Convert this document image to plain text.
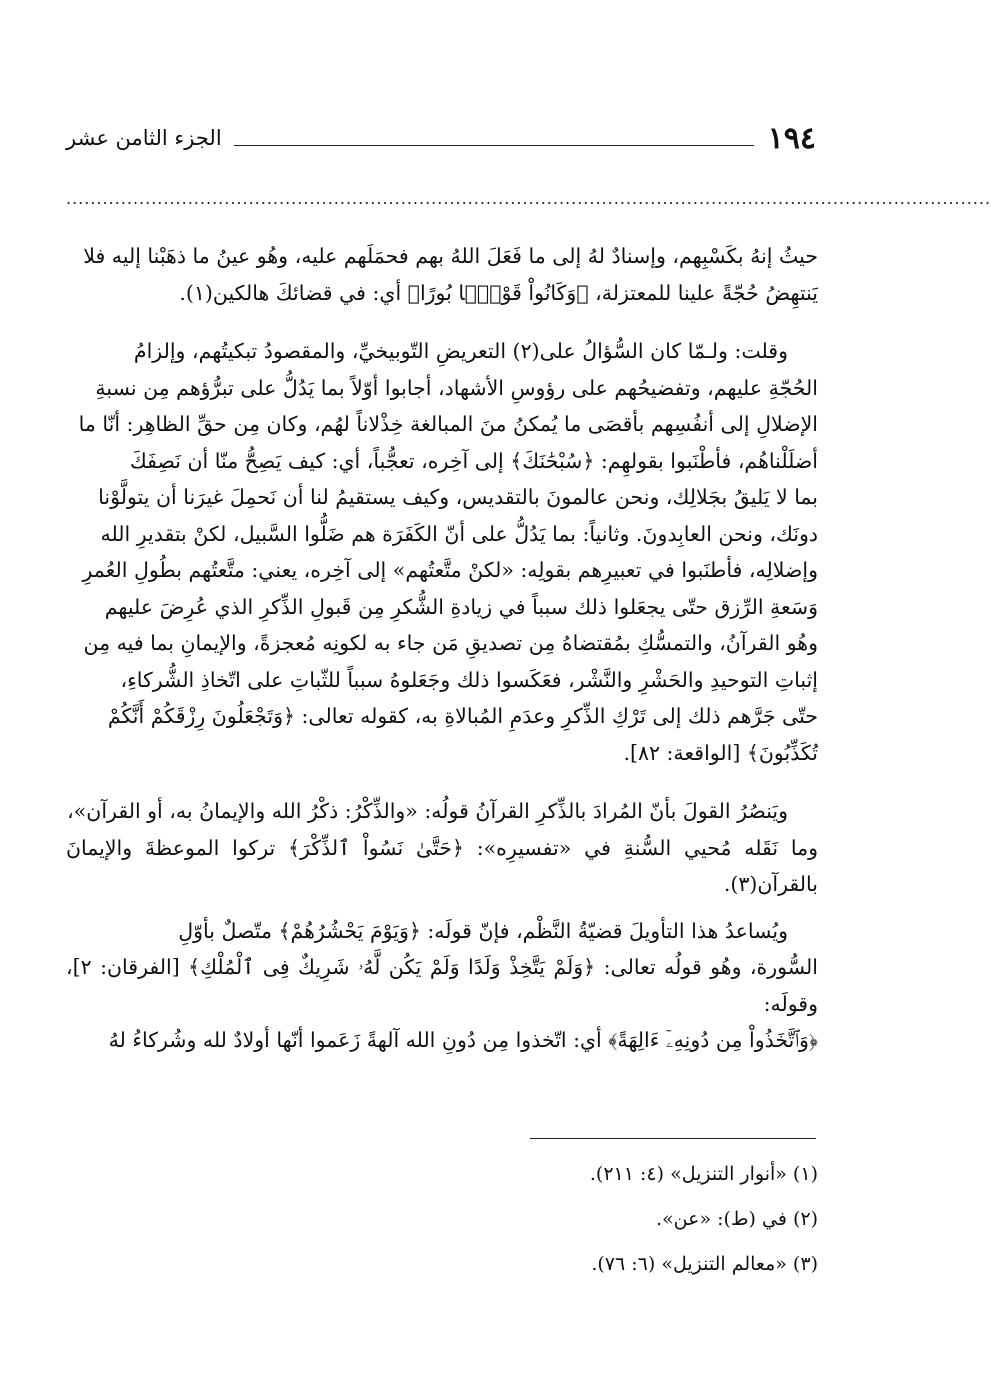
١٩٤
الجزء الثامن عشر
........................................................................................................................................................

حيثُ إنهُ بكَسْبِهم، وإسنادٌ لهُ إلى ما فَعَلَ اللهُ بهم فحمَلَهم عليه، وهُو عينُ ما ذهَبْنا إليه فلا

يَنتهِضُ حُجّةً علينا للمعتزلة، ﴿وَكَانُواْ قَوْمَۢا بُورًا﴾ أي: في قضائكَ هالكين(١).

وقلت: ولـمّا كان السُّؤالُ على(٢) التعريضِ التّوبيخيِّ، والمقصودُ تبكيتُهم، وإلزامُ

الحُجّةِ عليهم، وتفضيحُهم على رؤوسِ الأشهاد، أجابوا أوّلاً بما يَدُلُّ على تبرُّؤهم مِن نسبةِ

الإضلالِ إلى أنفُسِهم بأقصَى ما يُمكنُ منَ المبالغة خِذْلاناً لهُم، وكان مِن حقِّ الظاهِر: أنّا ما

أضلَلْناهُم، فأطْنَبوا بقولهِم: ﴿سُبْحَٰنَكَ﴾ إلى آخِره، تعجُّباً، أي: كيف يَصِحُّ منّا أن نَصِفَكَ

بما لا يَليقُ بجَلالِك، ونحن عالمونَ بالتقديس، وكيف يستقيمُ لنا أن نَحمِلَ غيرَنا أن يتولَّوْنا

دونَك، ونحن العابِدونَ. وثانياً: بما يَدُلُّ على أنّ الكَفَرَة هم ضَلُّوا السَّبيل، لكنْ بتقديرِ الله

وإضلالِه، فأطنَبوا في تعبيرِهم بقولِه: «لكنْ متَّعتُهم» إلى آخِره، يعني: متَّعتُهم بطُولِ العُمرِ

وَسَعةِ الرِّزق حتّى يجعَلوا ذلك سبباً في زيادةِ الشُّكرِ مِن قَبولِ الذِّكرِ الذي عُرِضَ عليهم

وهُو القرآنُ، والتمسُّكِ بمُقتضاهُ مِن تصديقِ مَن جاء به لكونِه مُعجزةً، والإيمانِ بما فيه مِن

إثباتِ التوحيدِ والحَشْرِ والنَّشْر، فعَكَسوا ذلك وجَعَلوهُ سبباً للثّباتِ على اتّخاذِ الشُّركاءِ،

حتّى جَرَّهم ذلك إلى تَرْكِ الذِّكرِ وعدَمِ المُبالاةِ به، كقوله تعالى: ﴿وَتَجْعَلُونَ رِزْقَكُمْ أَنَّكُمْ

تُكَذِّبُونَ﴾ [الواقعة: ٨٢].

ويَنصُرُ القولَ بأنّ المُرادَ بالذِّكرِ القرآنُ قولُه: «والذِّكْرُ: ذكْرُ الله والإيمانُ به، أو القرآن»،

وما نَقَله مُحيي السُّنةِ في «تفسيرِه»: ﴿حَتَّىٰ نَسُواْ ٱلذِّكْرَ﴾ تركوا الموعظةَ والإيمانَ بالقرآن(٣).

ويُساعدُ هذا التأويلَ قضيّةُ النَّظْم، فإنّ قولَه: ﴿وَيَوْمَ يَحْشُرُهُمْ﴾ متّصلٌ بأوّلِ

السُّورة، وهُو قولُه تعالى: ﴿وَلَمْ يَتَّخِذْ وَلَدًا وَلَمْ يَكُن لَّهُۥ شَرِيكٌ فِى ٱلْمُلْكِ﴾ [الفرقان: ٢]، وقولَه:

﴿وَٱتَّخَذُواْ مِن دُونِهِۦٓ ءَالِهَةً﴾ أي: اتّخذوا مِن دُونِ الله آلهةً زَعَموا أنّها أولادٌ لله وشُركاءُ لهُ

(١) «أنوار التنزيل» (٤: ٢١١).
(٢) في (ط): «عن».
(٣) «معالم التنزيل» (٦: ٧٦).
